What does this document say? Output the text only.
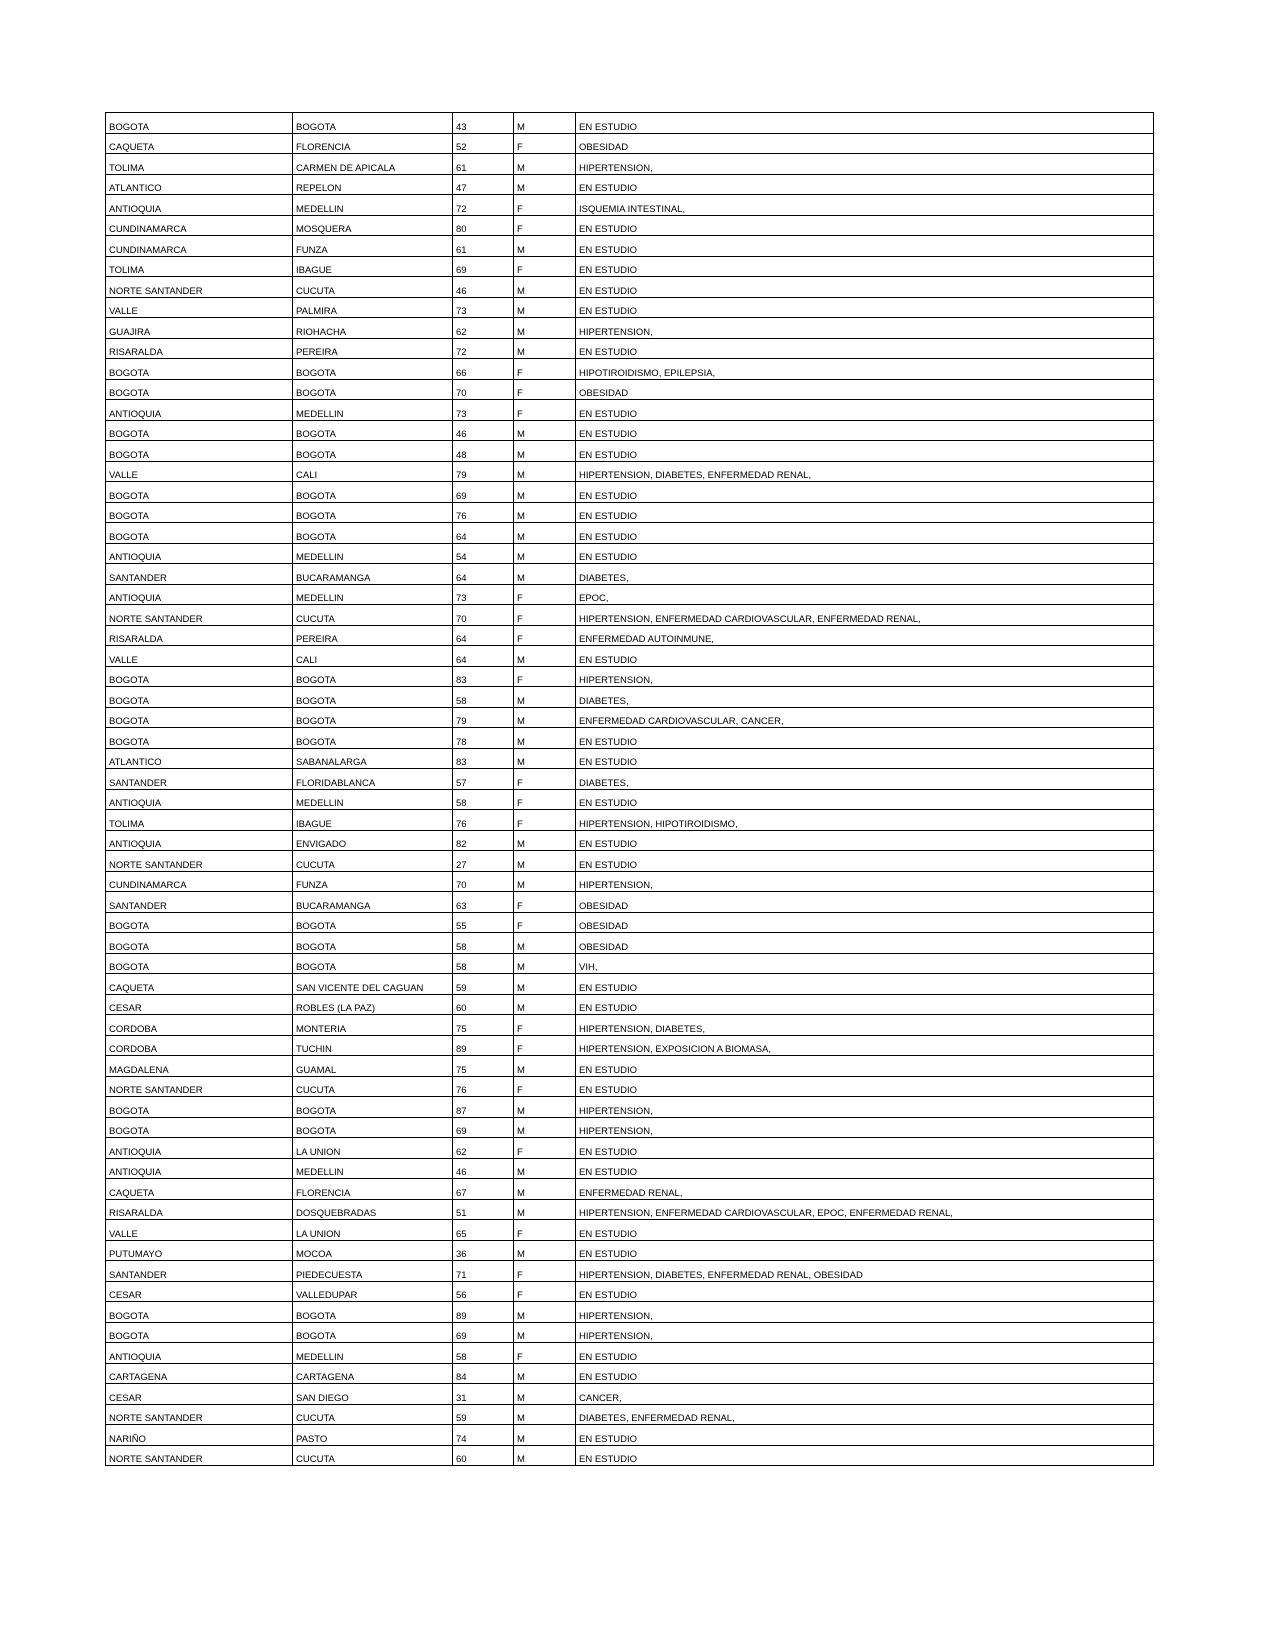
BOGOTA	BOGOTA	43	M	EN ESTUDIO
CAQUETA	FLORENCIA	52	F	OBESIDAD
TOLIMA	CARMEN DE APICALA	61	M	HIPERTENSION,
ATLANTICO	REPELON	47	M	EN ESTUDIO
ANTIOQUIA	MEDELLIN	72	F	ISQUEMIA INTESTINAL,
CUNDINAMARCA	MOSQUERA	80	F	EN ESTUDIO
CUNDINAMARCA	FUNZA	61	M	EN ESTUDIO
TOLIMA	IBAGUE	69	F	EN ESTUDIO
NORTE SANTANDER	CUCUTA	46	M	EN ESTUDIO
VALLE	PALMIRA	73	M	EN ESTUDIO
GUAJIRA	RIOHACHA	62	M	HIPERTENSION,
RISARALDA	PEREIRA	72	M	EN ESTUDIO
BOGOTA	BOGOTA	66	F	HIPOTIROIDISMO, EPILEPSIA,
BOGOTA	BOGOTA	70	F	OBESIDAD
ANTIOQUIA	MEDELLIN	73	F	EN ESTUDIO
BOGOTA	BOGOTA	46	M	EN ESTUDIO
BOGOTA	BOGOTA	48	M	EN ESTUDIO
VALLE	CALI	79	M	HIPERTENSION, DIABETES, ENFERMEDAD RENAL,
BOGOTA	BOGOTA	69	M	EN ESTUDIO
BOGOTA	BOGOTA	76	M	EN ESTUDIO
BOGOTA	BOGOTA	64	M	EN ESTUDIO
ANTIOQUIA	MEDELLIN	54	M	EN ESTUDIO
SANTANDER	BUCARAMANGA	64	M	DIABETES,
ANTIOQUIA	MEDELLIN	73	F	EPOC,
NORTE SANTANDER	CUCUTA	70	F	HIPERTENSION, ENFERMEDAD CARDIOVASCULAR, ENFERMEDAD RENAL,
RISARALDA	PEREIRA	64	F	ENFERMEDAD AUTOINMUNE,
VALLE	CALI	64	M	EN ESTUDIO
BOGOTA	BOGOTA	83	F	HIPERTENSION,
BOGOTA	BOGOTA	58	M	DIABETES,
BOGOTA	BOGOTA	79	M	ENFERMEDAD CARDIOVASCULAR, CANCER,
BOGOTA	BOGOTA	78	M	EN ESTUDIO
ATLANTICO	SABANALARGA	83	M	EN ESTUDIO
SANTANDER	FLORIDABLANCA	57	F	DIABETES,
ANTIOQUIA	MEDELLIN	58	F	EN ESTUDIO
TOLIMA	IBAGUE	76	F	HIPERTENSION, HIPOTIROIDISMO,
ANTIOQUIA	ENVIGADO	82	M	EN ESTUDIO
NORTE SANTANDER	CUCUTA	27	M	EN ESTUDIO
CUNDINAMARCA	FUNZA	70	M	HIPERTENSION,
SANTANDER	BUCARAMANGA	63	F	OBESIDAD
BOGOTA	BOGOTA	55	F	OBESIDAD
BOGOTA	BOGOTA	58	M	OBESIDAD
BOGOTA	BOGOTA	58	M	VIH,
CAQUETA	SAN VICENTE DEL CAGUAN	59	M	EN ESTUDIO
CESAR	ROBLES (LA PAZ)	60	M	EN ESTUDIO
CORDOBA	MONTERIA	75	F	HIPERTENSION, DIABETES,
CORDOBA	TUCHIN	89	F	HIPERTENSION, EXPOSICION A BIOMASA,
MAGDALENA	GUAMAL	75	M	EN ESTUDIO
NORTE SANTANDER	CUCUTA	76	F	EN ESTUDIO
BOGOTA	BOGOTA	87	M	HIPERTENSION,
BOGOTA	BOGOTA	69	M	HIPERTENSION,
ANTIOQUIA	LA UNION	62	F	EN ESTUDIO
ANTIOQUIA	MEDELLIN	46	M	EN ESTUDIO
CAQUETA	FLORENCIA	67	M	ENFERMEDAD RENAL,
RISARALDA	DOSQUEBRADAS	51	M	HIPERTENSION, ENFERMEDAD CARDIOVASCULAR, EPOC, ENFERMEDAD RENAL,
VALLE	LA UNION	65	F	EN ESTUDIO
PUTUMAYO	MOCOA	36	M	EN ESTUDIO
SANTANDER	PIEDECUESTA	71	F	HIPERTENSION, DIABETES, ENFERMEDAD RENAL, OBESIDAD
CESAR	VALLEDUPAR	56	F	EN ESTUDIO
BOGOTA	BOGOTA	89	M	HIPERTENSION,
BOGOTA	BOGOTA	69	M	HIPERTENSION,
ANTIOQUIA	MEDELLIN	58	F	EN ESTUDIO
CARTAGENA	CARTAGENA	84	M	EN ESTUDIO
CESAR	SAN DIEGO	31	M	CANCER,
NORTE SANTANDER	CUCUTA	59	M	DIABETES, ENFERMEDAD RENAL,
NARIÑO	PASTO	74	M	EN ESTUDIO
NORTE SANTANDER	CUCUTA	60	M	EN ESTUDIO
